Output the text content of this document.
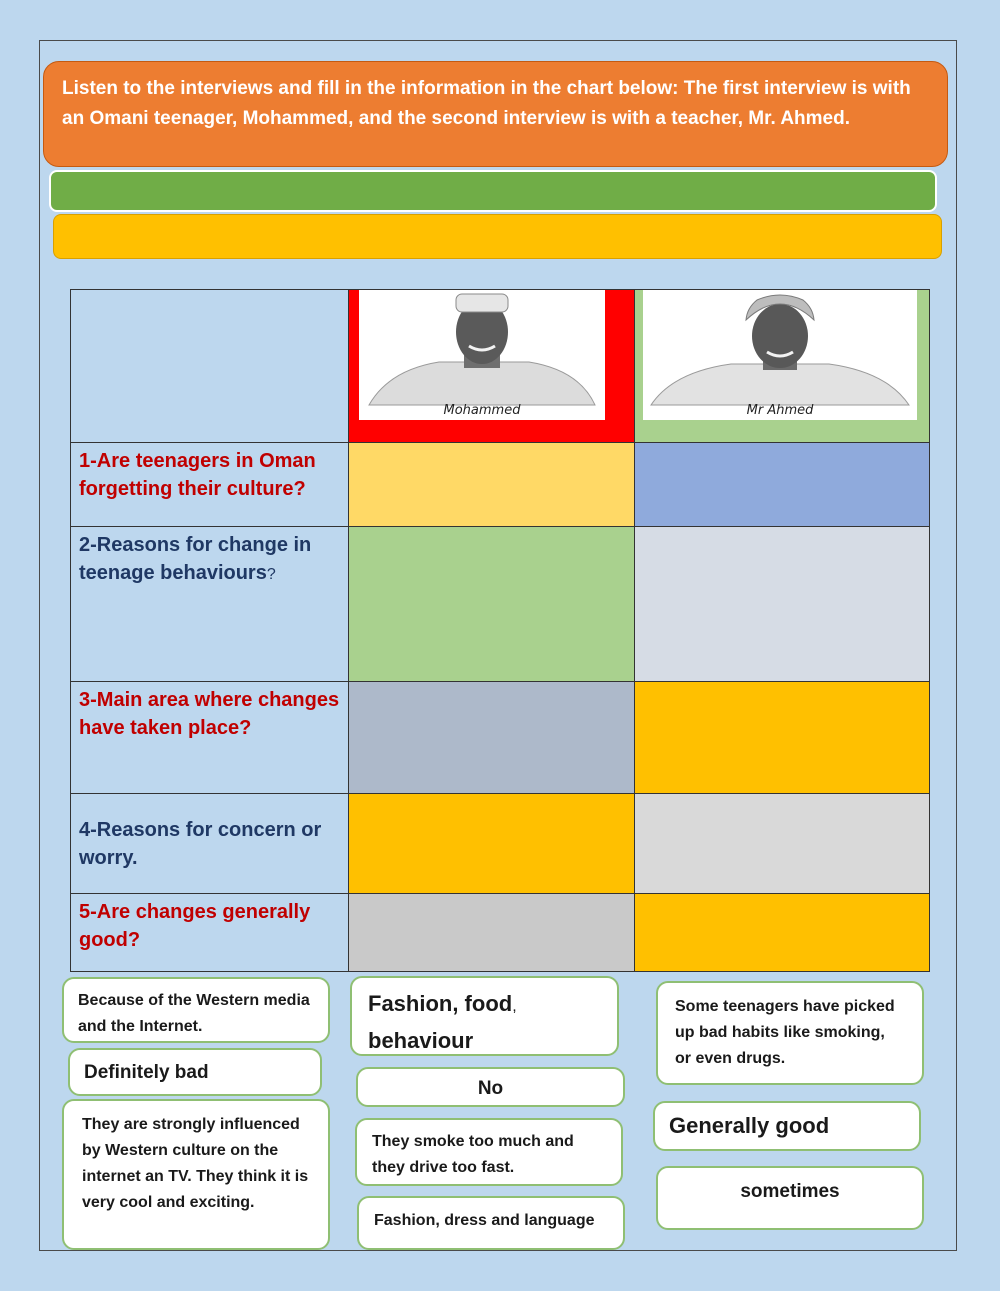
Listen to the interviews and fill in the information in the chart below: The first interview is with an Omani teenager, Mohammed, and the second interview is with a teacher, Mr. Ahmed.

	Mohammed	Mr Ahmed

1-Are teenagers in Oman forgetting their culture?		
2-Reasons for change in teenage behaviours?		
3-Main area where changes have taken place?		
4-Reasons for concern or worry.		
5-Are changes generally good?		
Because of the Western media and the Internet.
Definitely bad
They are strongly influenced by Western culture on the internet an TV. They think it is very cool and exciting.
Fashion, food,
behaviour
No
They smoke too much and they drive too fast.
Fashion, dress and language
Some teenagers have picked up bad habits like smoking, or even drugs.
Generally good
sometimes
